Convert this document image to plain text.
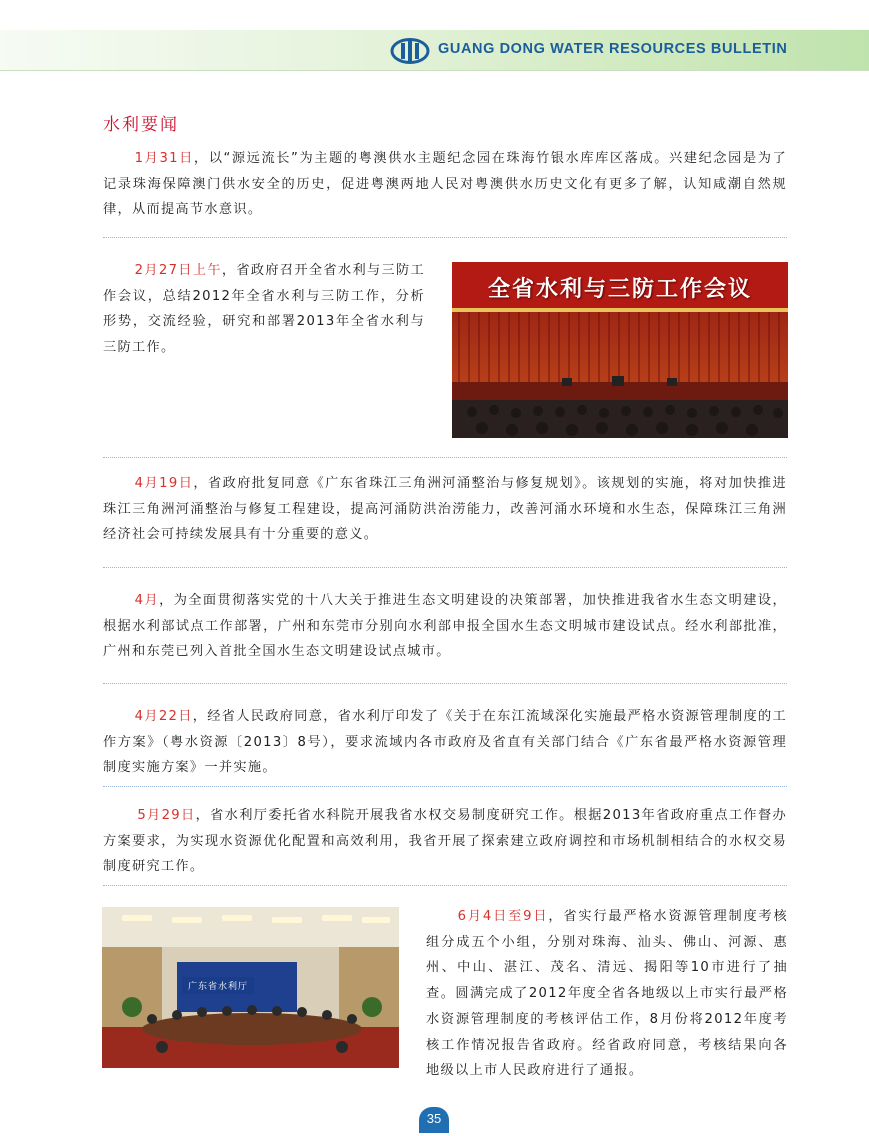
GUANG DONG WATER RESOURCES BULLETIN
水利要闻
1月31日，以“源远流长”为主题的粤澳供水主题纪念园在珠海竹银水库库区落成。兴建纪念园是为了记录珠海保障澳门供水安全的历史，促进粤澳两地人民对粤澳供水历史文化有更多了解，认知咸潮自然规律，从而提高节水意识。
2月27日上午，省政府召开全省水利与三防工作会议，总结2012年全省水利与三防工作，分析形势，交流经验，研究和部署2013年全省水利与三防工作。
全省水利与三防工作会议
4月19日，省政府批复同意《广东省珠江三角洲河涌整治与修复规划》。该规划的实施，将对加快推进珠江三角洲河涌整治与修复工程建设，提高河涌防洪治涝能力，改善河涌水环境和水生态，保障珠江三角洲经济社会可持续发展具有十分重要的意义。
4月，为全面贯彻落实党的十八大关于推进生态文明建设的决策部署，加快推进我省水生态文明建设，根据水利部试点工作部署，广州和东莞市分别向水利部申报全国水生态文明城市建设试点。经水利部批准，广州和东莞已列入首批全国水生态文明建设试点城市。
4月22日，经省人民政府同意，省水利厅印发了《关于在东江流域深化实施最严格水资源管理制度的工作方案》（粤水资源〔2013〕8号），要求流域内各市政府及省直有关部门结合《广东省最严格水资源管理制度实施方案》一并实施。
5月29日，省水利厅委托省水科院开展我省水权交易制度研究工作。根据2013年省政府重点工作督办方案要求，为实现水资源优化配置和高效利用，我省开展了探索建立政府调控和市场机制相结合的水权交易制度研究工作。
广东省水利厅
6月4日至9日，省实行最严格水资源管理制度考核组分成五个小组，分别对珠海、汕头、佛山、河源、惠州、中山、湛江、茂名、清远、揭阳等10市进行了抽查。圆满完成了2012年度全省各地级以上市实行最严格水资源管理制度的考核评估工作，8月份将2012年度考核工作情况报告省政府。经省政府同意，考核结果向各地级以上市人民政府进行了通报。
35
